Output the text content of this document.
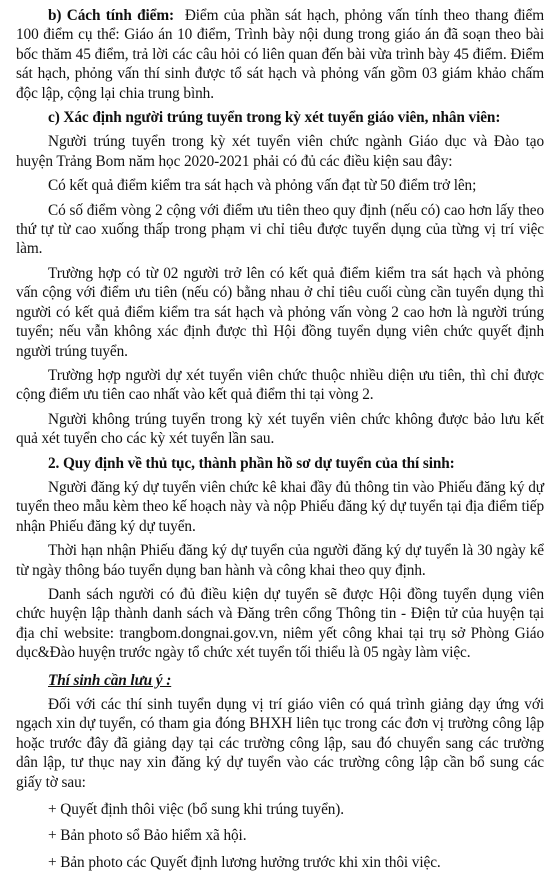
b) Cách tính điểm: Điểm của phần sát hạch, phỏng vấn tính theo thang điểm 100 điểm cụ thể: Giáo án 10 điểm, Trình bày nội dung trong giáo án đã soạn theo bài bốc thăm 45 điểm, trả lời các câu hỏi có liên quan đến bài vừa trình bày 45 điểm. Điểm sát hạch, phỏng vấn thí sinh được tổ sát hạch và phỏng vấn gồm 03 giám khảo chấm độc lập, cộng lại chia trung bình.

c) Xác định người trúng tuyển trong kỳ xét tuyển giáo viên, nhân viên:

Người trúng tuyển trong kỳ xét tuyển viên chức ngành Giáo dục và Đào tạo huyện Trảng Bom năm học 2020-2021 phải có đủ các điều kiện sau đây:

Có kết quả điểm kiểm tra sát hạch và phỏng vấn đạt từ 50 điểm trở lên;

Có số điểm vòng 2 cộng với điểm ưu tiên theo quy định (nếu có) cao hơn lấy theo thứ tự từ cao xuống thấp trong phạm vi chỉ tiêu được tuyển dụng của từng vị trí việc làm.

Trường hợp có từ 02 người trở lên có kết quả điểm kiểm tra sát hạch và phỏng vấn cộng với điểm ưu tiên (nếu có) bằng nhau ở chỉ tiêu cuối cùng cần tuyển dụng thì người có kết quả điểm kiểm tra sát hạch và phỏng vấn vòng 2 cao hơn là người trúng tuyển; nếu vẫn không xác định được thì Hội đồng tuyển dụng viên chức quyết định người trúng tuyển.

Trường hợp người dự xét tuyển viên chức thuộc nhiều diện ưu tiên, thì chỉ được cộng điểm ưu tiên cao nhất vào kết quả điểm thi tại vòng 2.

Người không trúng tuyển trong kỳ xét tuyển viên chức không được bảo lưu kết quả xét tuyển cho các kỳ xét tuyển lần sau.

2. Quy định về thủ tục, thành phần hồ sơ dự tuyển của thí sinh:

Người đăng ký dự tuyển viên chức kê khai đầy đủ thông tin vào Phiếu đăng ký dự tuyển theo mẫu kèm theo kế hoạch này và nộp Phiếu đăng ký dự tuyển tại địa điểm tiếp nhận Phiếu đăng ký dự tuyển.

Thời hạn nhận Phiếu đăng ký dự tuyển của người đăng ký dự tuyển là 30 ngày kể từ ngày thông báo tuyển dụng ban hành và công khai theo quy định.

Danh sách người có đủ điều kiện dự tuyển sẽ được Hội đồng tuyển dụng viên chức huyện lập thành danh sách và Đăng trên cổng Thông tin - Điện tử của huyện tại địa chỉ website: trangbom.dongnai.gov.vn, niêm yết công khai tại trụ sở Phòng Giáo dục&Đào huyện trước ngày tổ chức xét tuyển tối thiểu là 05 ngày làm việc.

Thí sinh cần lưu ý :

Đối với các thí sinh tuyển dụng vị trí giáo viên có quá trình giảng dạy ứng với ngạch xin dự tuyển, có tham gia đóng BHXH liên tục trong các đơn vị trường công lập hoặc trước đây đã giảng dạy tại các trường công lập, sau đó chuyển sang các trường dân lập, tư thục nay xin đăng ký dự tuyển vào các trường công lập cần bổ sung các giấy tờ sau:

+ Quyết định thôi việc (bổ sung khi trúng tuyển).

+ Bản photo sổ Bảo hiểm xã hội.

+ Bản photo các Quyết định lương hưởng trước khi xin thôi việc.
